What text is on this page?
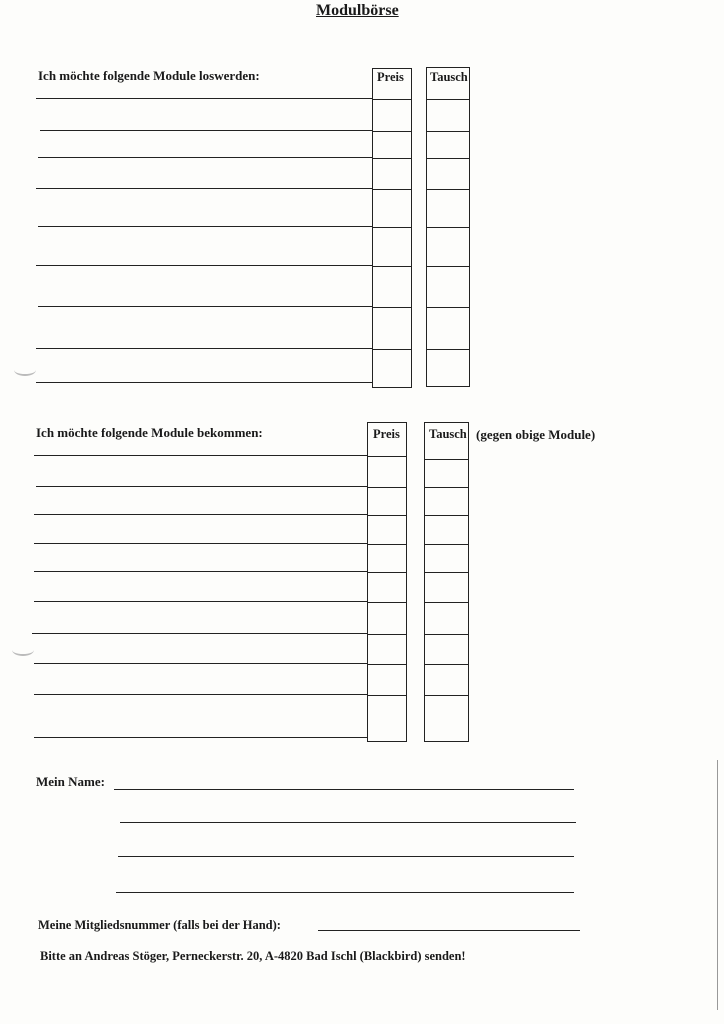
Modulbörse
Ich möchte folgende Module loswerden:	Preis Tausch
Ich möchte folgende Module bekommen:	Preis Tausch (gegen obige Module)
Mein Name:
Meine Mitgliedsnummer (falls bei der Hand):
Bitte an Andreas Stöger, Perneckerstr. 20, A-4820 Bad Ischl (Blackbird) senden!
